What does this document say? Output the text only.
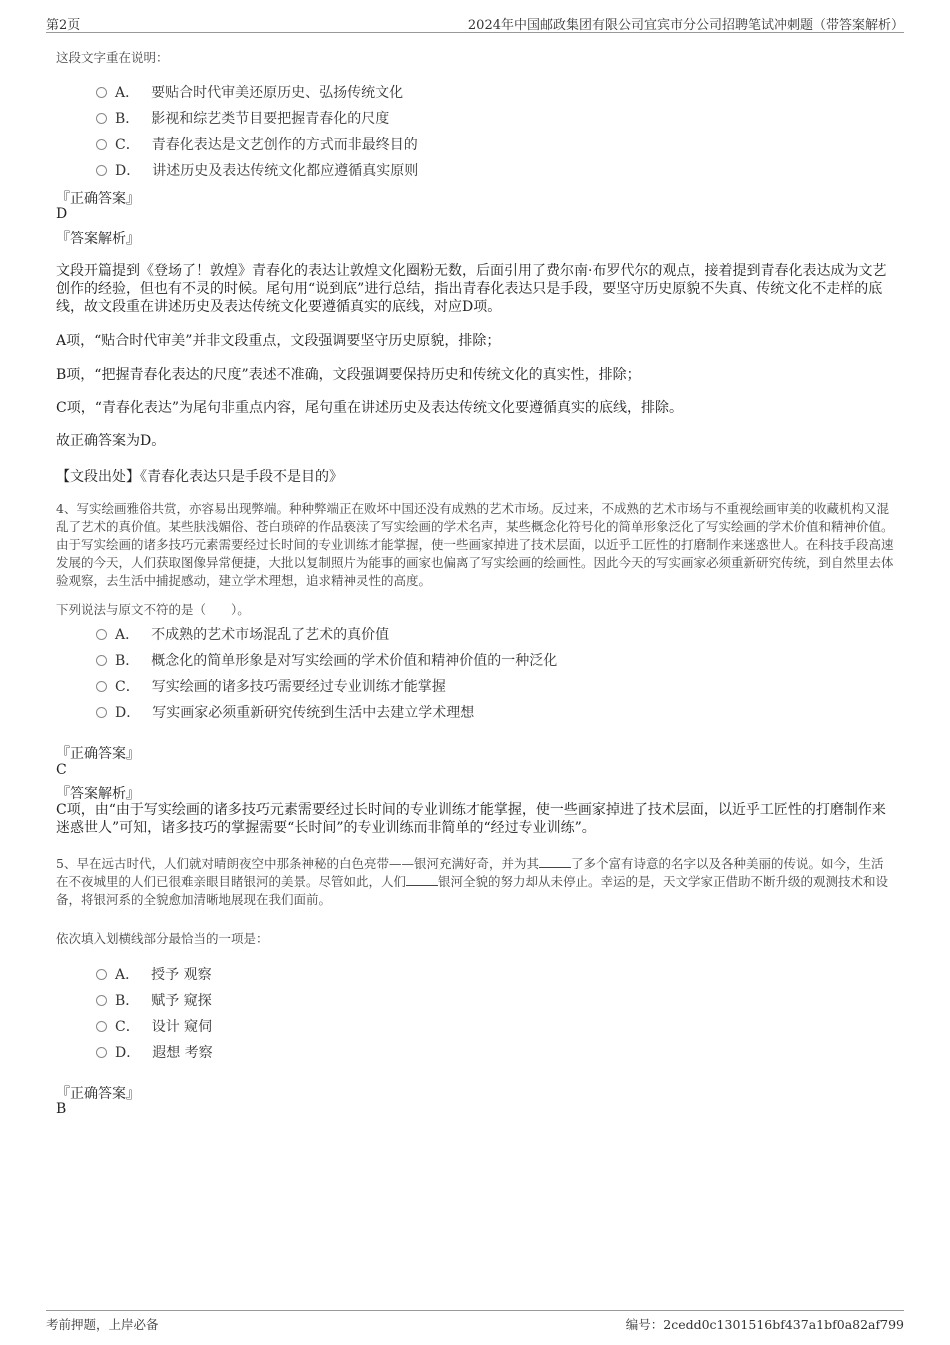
第2页	2024年中国邮政集团有限公司宜宾市分公司招聘笔试冲刺题（带答案解析）
这段文字重在说明：
A． 要贴合时代审美还原历史、弘扬传统文化
B． 影视和综艺类节目要把握青春化的尺度
C． 青春化表达是文艺创作的方式而非最终目的
D． 讲述历史及表达传统文化都应遵循真实原则
『正确答案』
D
『答案解析』
文段开篇提到《登场了！敦煌》青春化的表达让敦煌文化圈粉无数，后面引用了费尔南·布罗代尔的观点，接着提到青春化表达成为文艺创作的经验，但也有不灵的时候。尾句用“说到底”进行总结，指出青春化表达只是手段，要坚守历史原貌不失真、传统文化不走样的底线，故文段重在讲述历史及表达传统文化要遵循真实的底线，对应D项。
A项，“贴合时代审美”并非文段重点，文段强调要坚守历史原貌，排除；
B项，“把握青春化表达的尺度”表述不准确，文段强调要保持历史和传统文化的真实性，排除；
C项，“青春化表达”为尾句非重点内容，尾句重在讲述历史及表达传统文化要遵循真实的底线，排除。
故正确答案为D。
【文段出处】《青春化表达只是手段不是目的》
4、写实绘画雅俗共赏，亦容易出现弊端。种种弊端正在败坏中国还没有成熟的艺术市场。反过来，不成熟的艺术市场与不重视绘画审美的收藏机构又混乱了艺术的真价值。某些肤浅媚俗、苍白琐碎的作品亵渎了写实绘画的学术名声，某些概念化符号化的简单形象泛化了写实绘画的学术价值和精神价值。由于写实绘画的诸多技巧元素需要经过长时间的专业训练才能掌握，使一些画家掉进了技术层面，以近乎工匠性的打磨制作来迷惑世人。在科技手段高速发展的今天，人们获取图像异常便捷，大批以复制照片为能事的画家也偏离了写实绘画的绘画性。因此今天的写实画家必须重新研究传统，到自然里去体验观察，去生活中捕捉感动，建立学术理想，追求精神灵性的高度。
下列说法与原文不符的是（　　）。
A． 不成熟的艺术市场混乱了艺术的真价值
B． 概念化的简单形象是对写实绘画的学术价值和精神价值的一种泛化
C． 写实绘画的诸多技巧需要经过专业训练才能掌握
D． 写实画家必须重新研究传统到生活中去建立学术理想
『正确答案』
C
『答案解析』
C项，由“由于写实绘画的诸多技巧元素需要经过长时间的专业训练才能掌握，使一些画家掉进了技术层面，以近乎工匠性的打磨制作来迷惑世人”可知，诸多技巧的掌握需要“长时间”的专业训练而非简单的“经过专业训练”。
5、早在远古时代，人们就对晴朗夜空中那条神秘的白色亮带——银河充满好奇，并为其	了多个富有诗意的名字以及各种美丽的传说。如今，生活在不夜城里的人们已很难亲眼目睹银河的美景。尽管如此，人们	银河全貌的努力却从未停止。幸运的是，天文学家正借助不断升级的观测技术和设备，将银河系的全貌愈加清晰地展现在我们面前。
依次填入划横线部分最恰当的一项是：
A． 授予 观察
B． 赋予 窥探
C． 设计 窥伺
D． 遐想 考察
『正确答案』
B
考前押题，上岸必备	编号：2cedd0c1301516bf437a1bf0a82af799
